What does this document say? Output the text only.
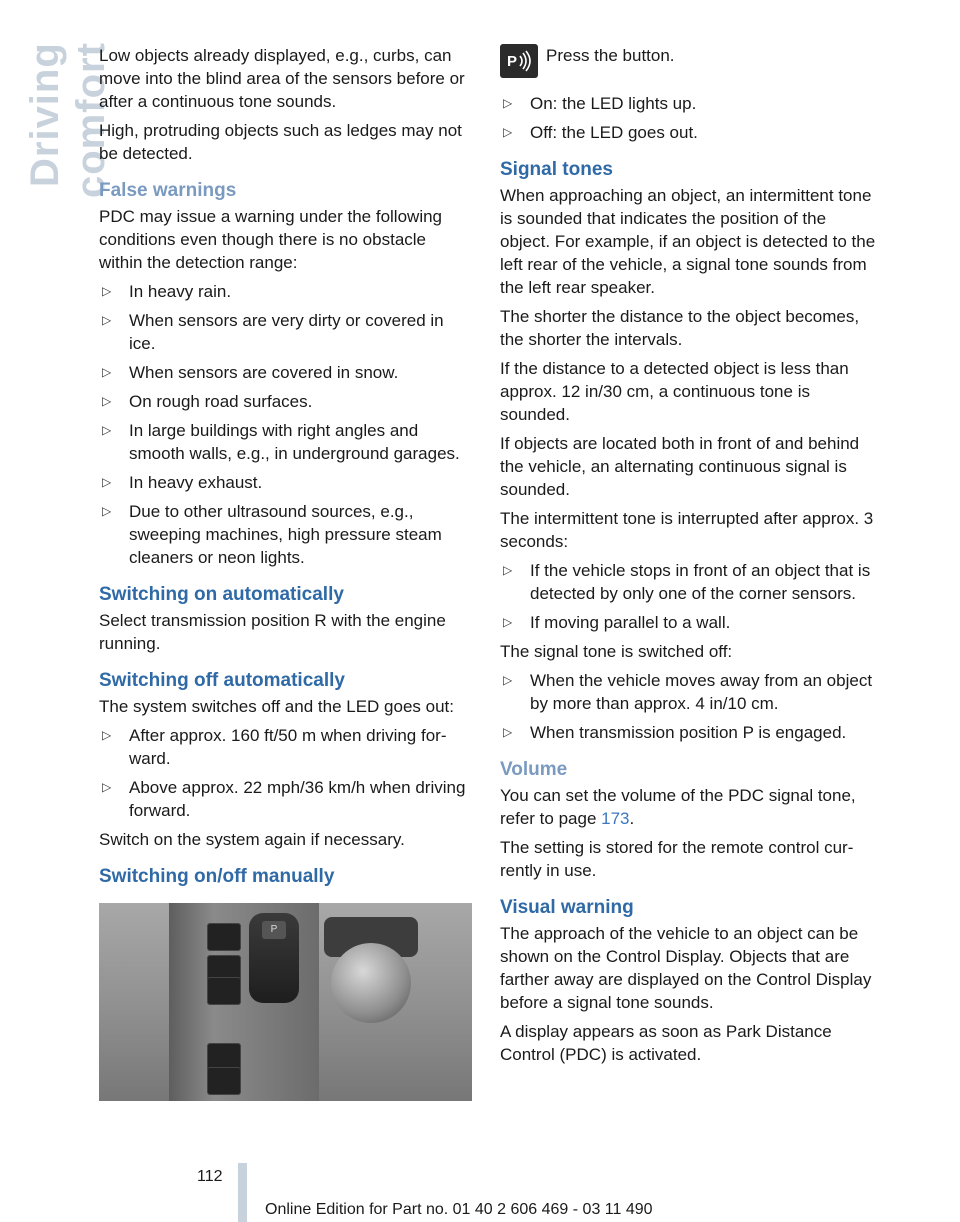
Driving comfort

Low objects already displayed, e.g., curbs, can move into the blind area of the sensors before or after a continuous tone sounds.

High, protruding objects such as ledges may not be detected.

False warnings

PDC may issue a warning under the following conditions even though there is no obstacle within the detection range:

▷ In heavy rain.
▷ When sensors are very dirty or covered in ice.
▷ When sensors are covered in snow.
▷ On rough road surfaces.
▷ In large buildings with right angles and smooth walls, e.g., in underground garages.
▷ In heavy exhaust.
▷ Due to other ultrasound sources, e.g., sweeping machines, high pressure steam cleaners or neon lights.
Switching on automatically

Select transmission position R with the engine running.

Switching off automatically

The system switches off and the LED goes out:

▷ After approx. 160 ft/50 m when driving forward.
▷ Above approx. 22 mph/36 km/h when driving forward.

Switch on the system again if necessary.

Switching on/off manually
P
P Press the button.
▷ On: the LED lights up.
▷ Off: the LED goes out.
Signal tones

When approaching an object, an intermittent tone is sounded that indicates the position of the object. For example, if an object is detected to the left rear of the vehicle, a signal tone sounds from the left rear speaker.

The shorter the distance to the object becomes, the shorter the intervals.

If the distance to a detected object is less than approx. 12 in/30 cm, a continuous tone is sounded.

If objects are located both in front of and behind the vehicle, an alternating continuous signal is sounded.

The intermittent tone is interrupted after approx. 3 seconds:

▷ If the vehicle stops in front of an object that is detected by only one of the corner sensors.
▷ If moving parallel to a wall.

The signal tone is switched off:

▷ When the vehicle moves away from an object by more than approx. 4 in/10 cm.
▷ When transmission position P is engaged.
Volume

You can set the volume of the PDC signal tone, refer to page 173.

The setting is stored for the remote control currently in use.

Visual warning

The approach of the vehicle to an object can be shown on the Control Display. Objects that are farther away are displayed on the Control Display before a signal tone sounds.

A display appears as soon as Park Distance Control (PDC) is activated.

112
Online Edition for Part no. 01 40 2 606 469 - 03 11 490
